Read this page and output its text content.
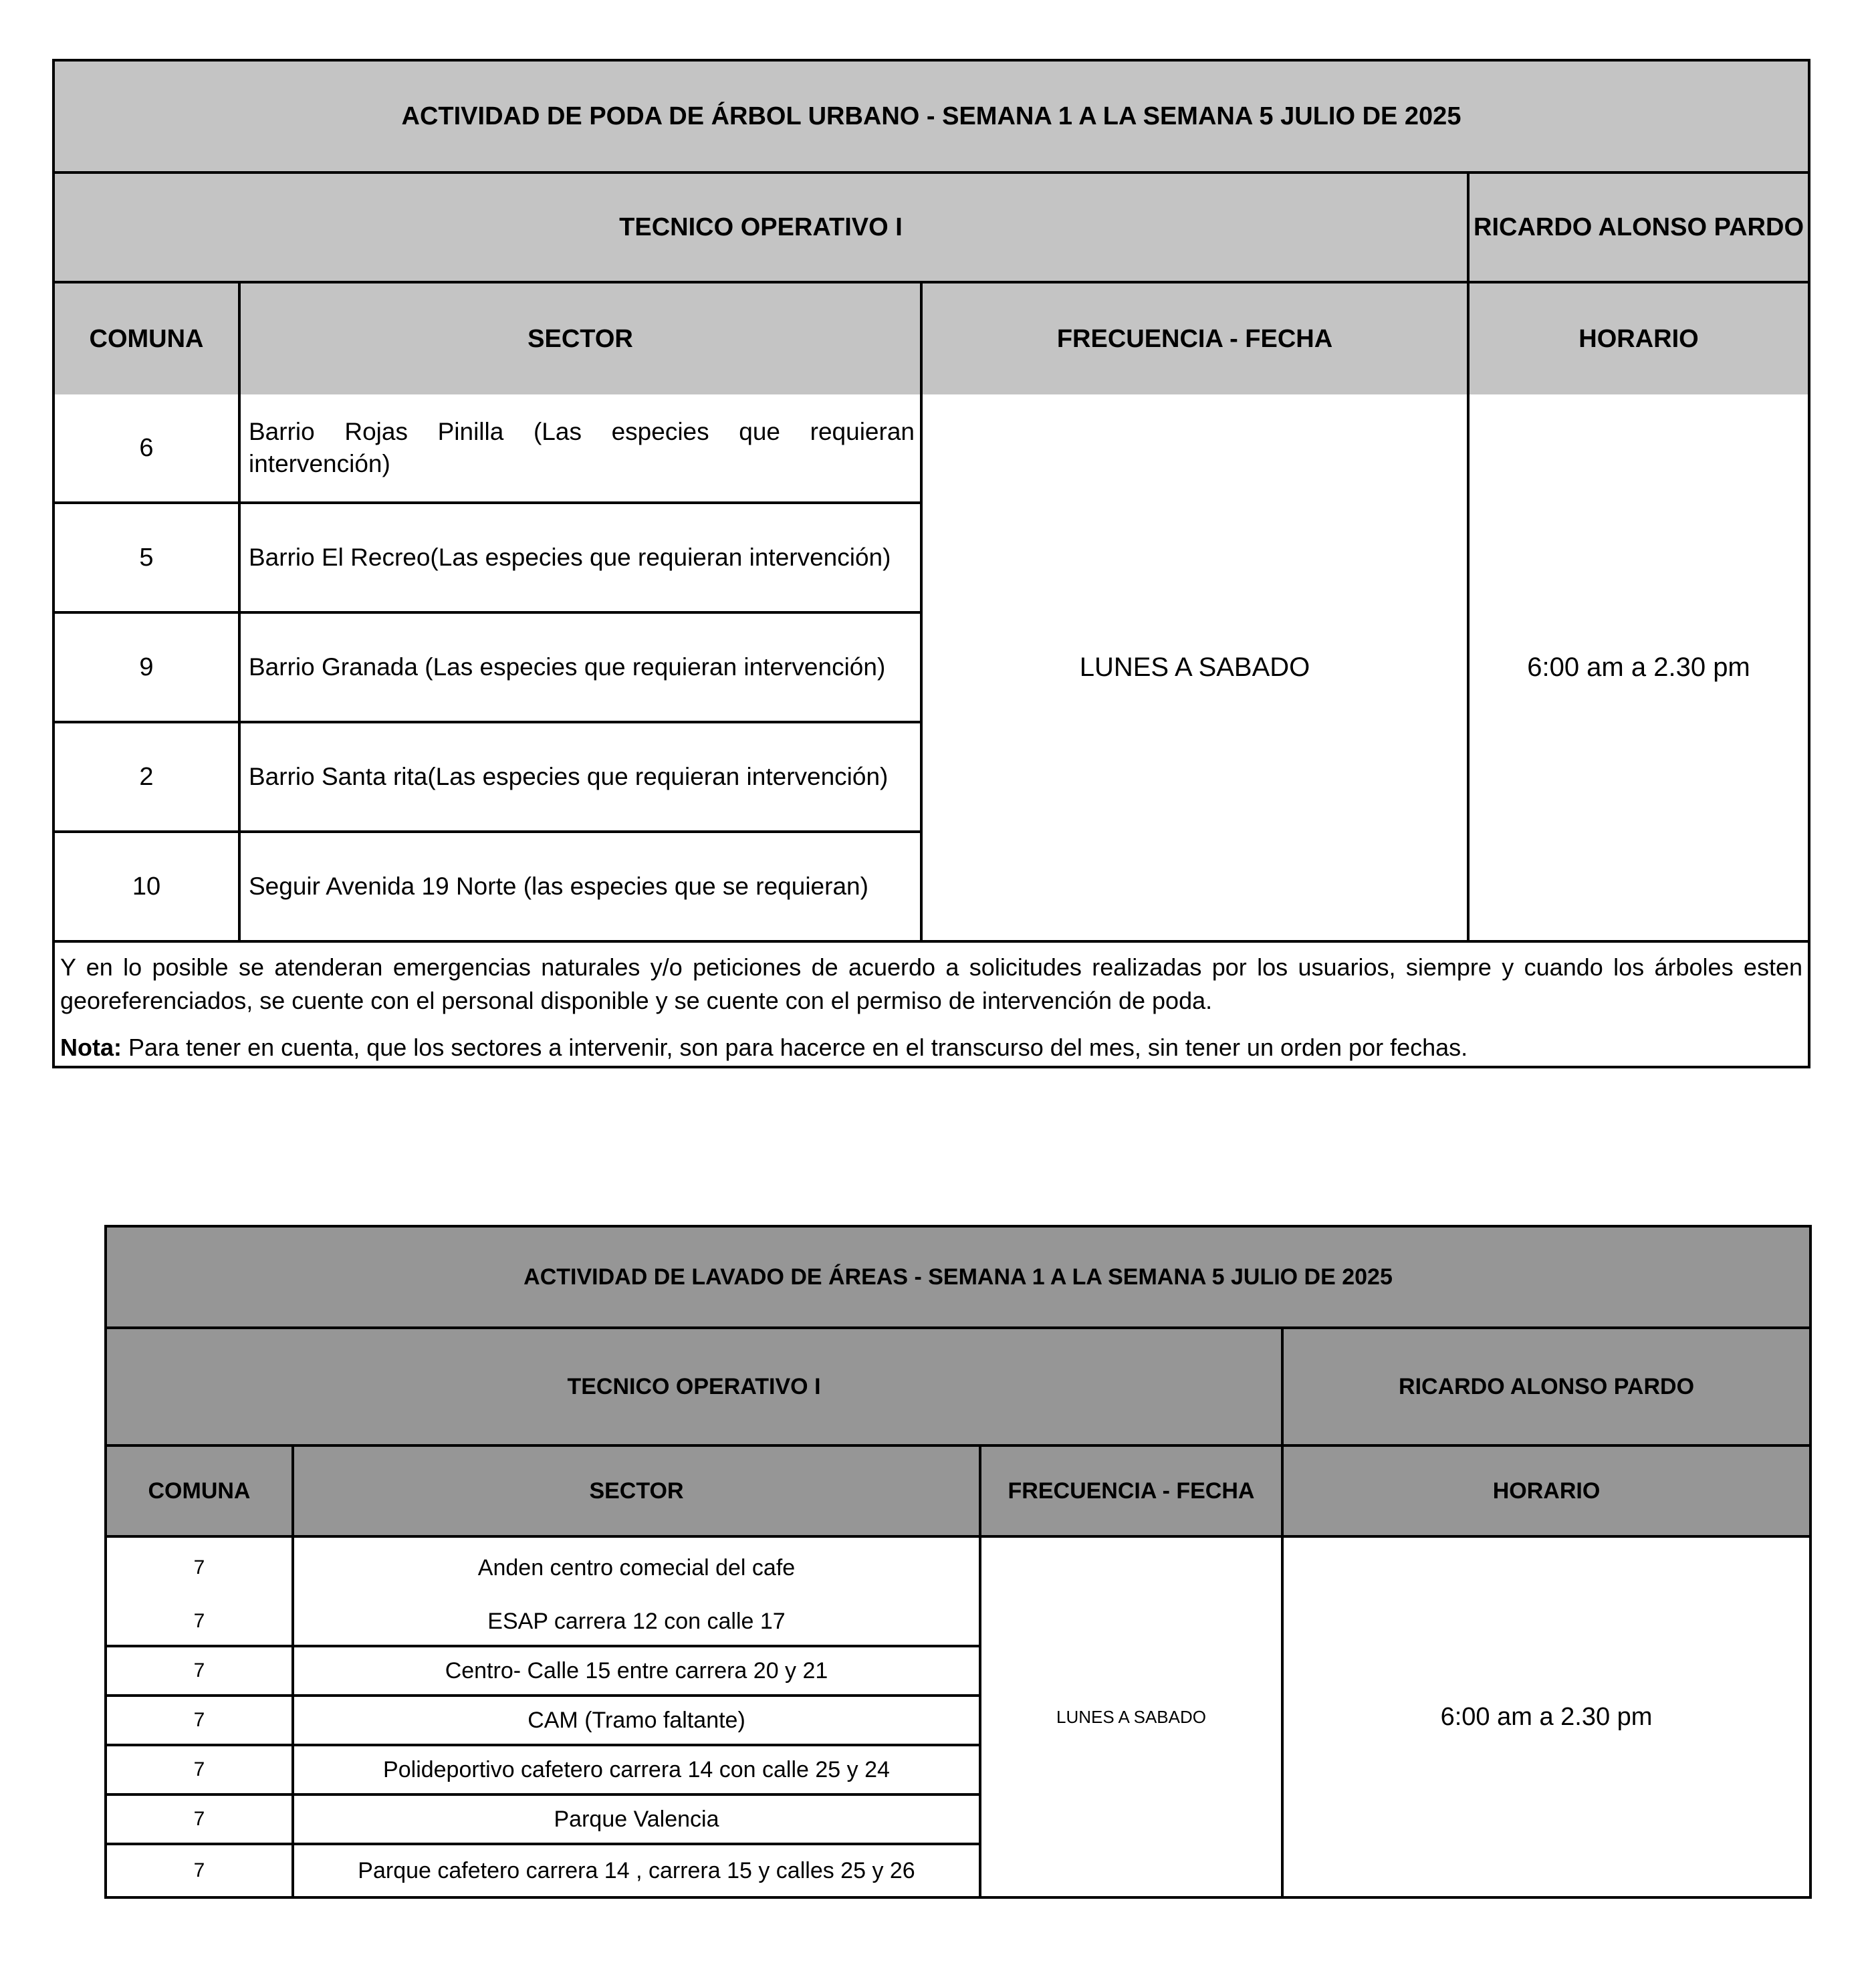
ACTIVIDAD DE PODA DE ÁRBOL URBANO - SEMANA 1 A LA SEMANA 5 JULIO DE 2025			
TECNICO OPERATIVO I			RICARDO ALONSO PARDO
COMUNA	SECTOR	FRECUENCIA - FECHA	HORARIO
6	Barrio Rojas Pinilla (Las especies que requieran intervención)	LUNES A SABADO	6:00 am a 2.30 pm
5	Barrio El Recreo(Las especies que requieran intervención)		
9	Barrio Granada (Las especies que requieran intervención)		
2	Barrio Santa rita(Las especies que requieran intervención)		
10	Seguir Avenida 19 Norte (las especies que se requieran)		
Y en lo posible se atenderan emergencias naturales y/o peticiones de acuerdo a solicitudes realizadas por los usuarios, siempre y cuando los árboles esten georeferenciados, se cuente con el personal disponible y se cuente con el permiso de intervención de poda.			
Nota: Para tener en cuenta, que los sectores a intervenir, son para hacerce en el transcurso del mes, sin tener un orden por fechas.			
ACTIVIDAD DE LAVADO DE ÁREAS - SEMANA 1 A LA SEMANA 5 JULIO DE 2025			
TECNICO OPERATIVO I			RICARDO ALONSO PARDO
COMUNA	SECTOR	FRECUENCIA - FECHA	HORARIO
7	Anden centro comecial del cafe	LUNES A SABADO	6:00 am a 2.30 pm
7	ESAP carrera 12 con calle 17		
7	Centro- Calle 15 entre carrera 20 y 21		
7	CAM (Tramo faltante)		
7	Polideportivo cafetero carrera 14 con calle 25 y 24		
7	Parque Valencia		
7	Parque cafetero carrera 14 , carrera 15 y calles 25 y 26		
